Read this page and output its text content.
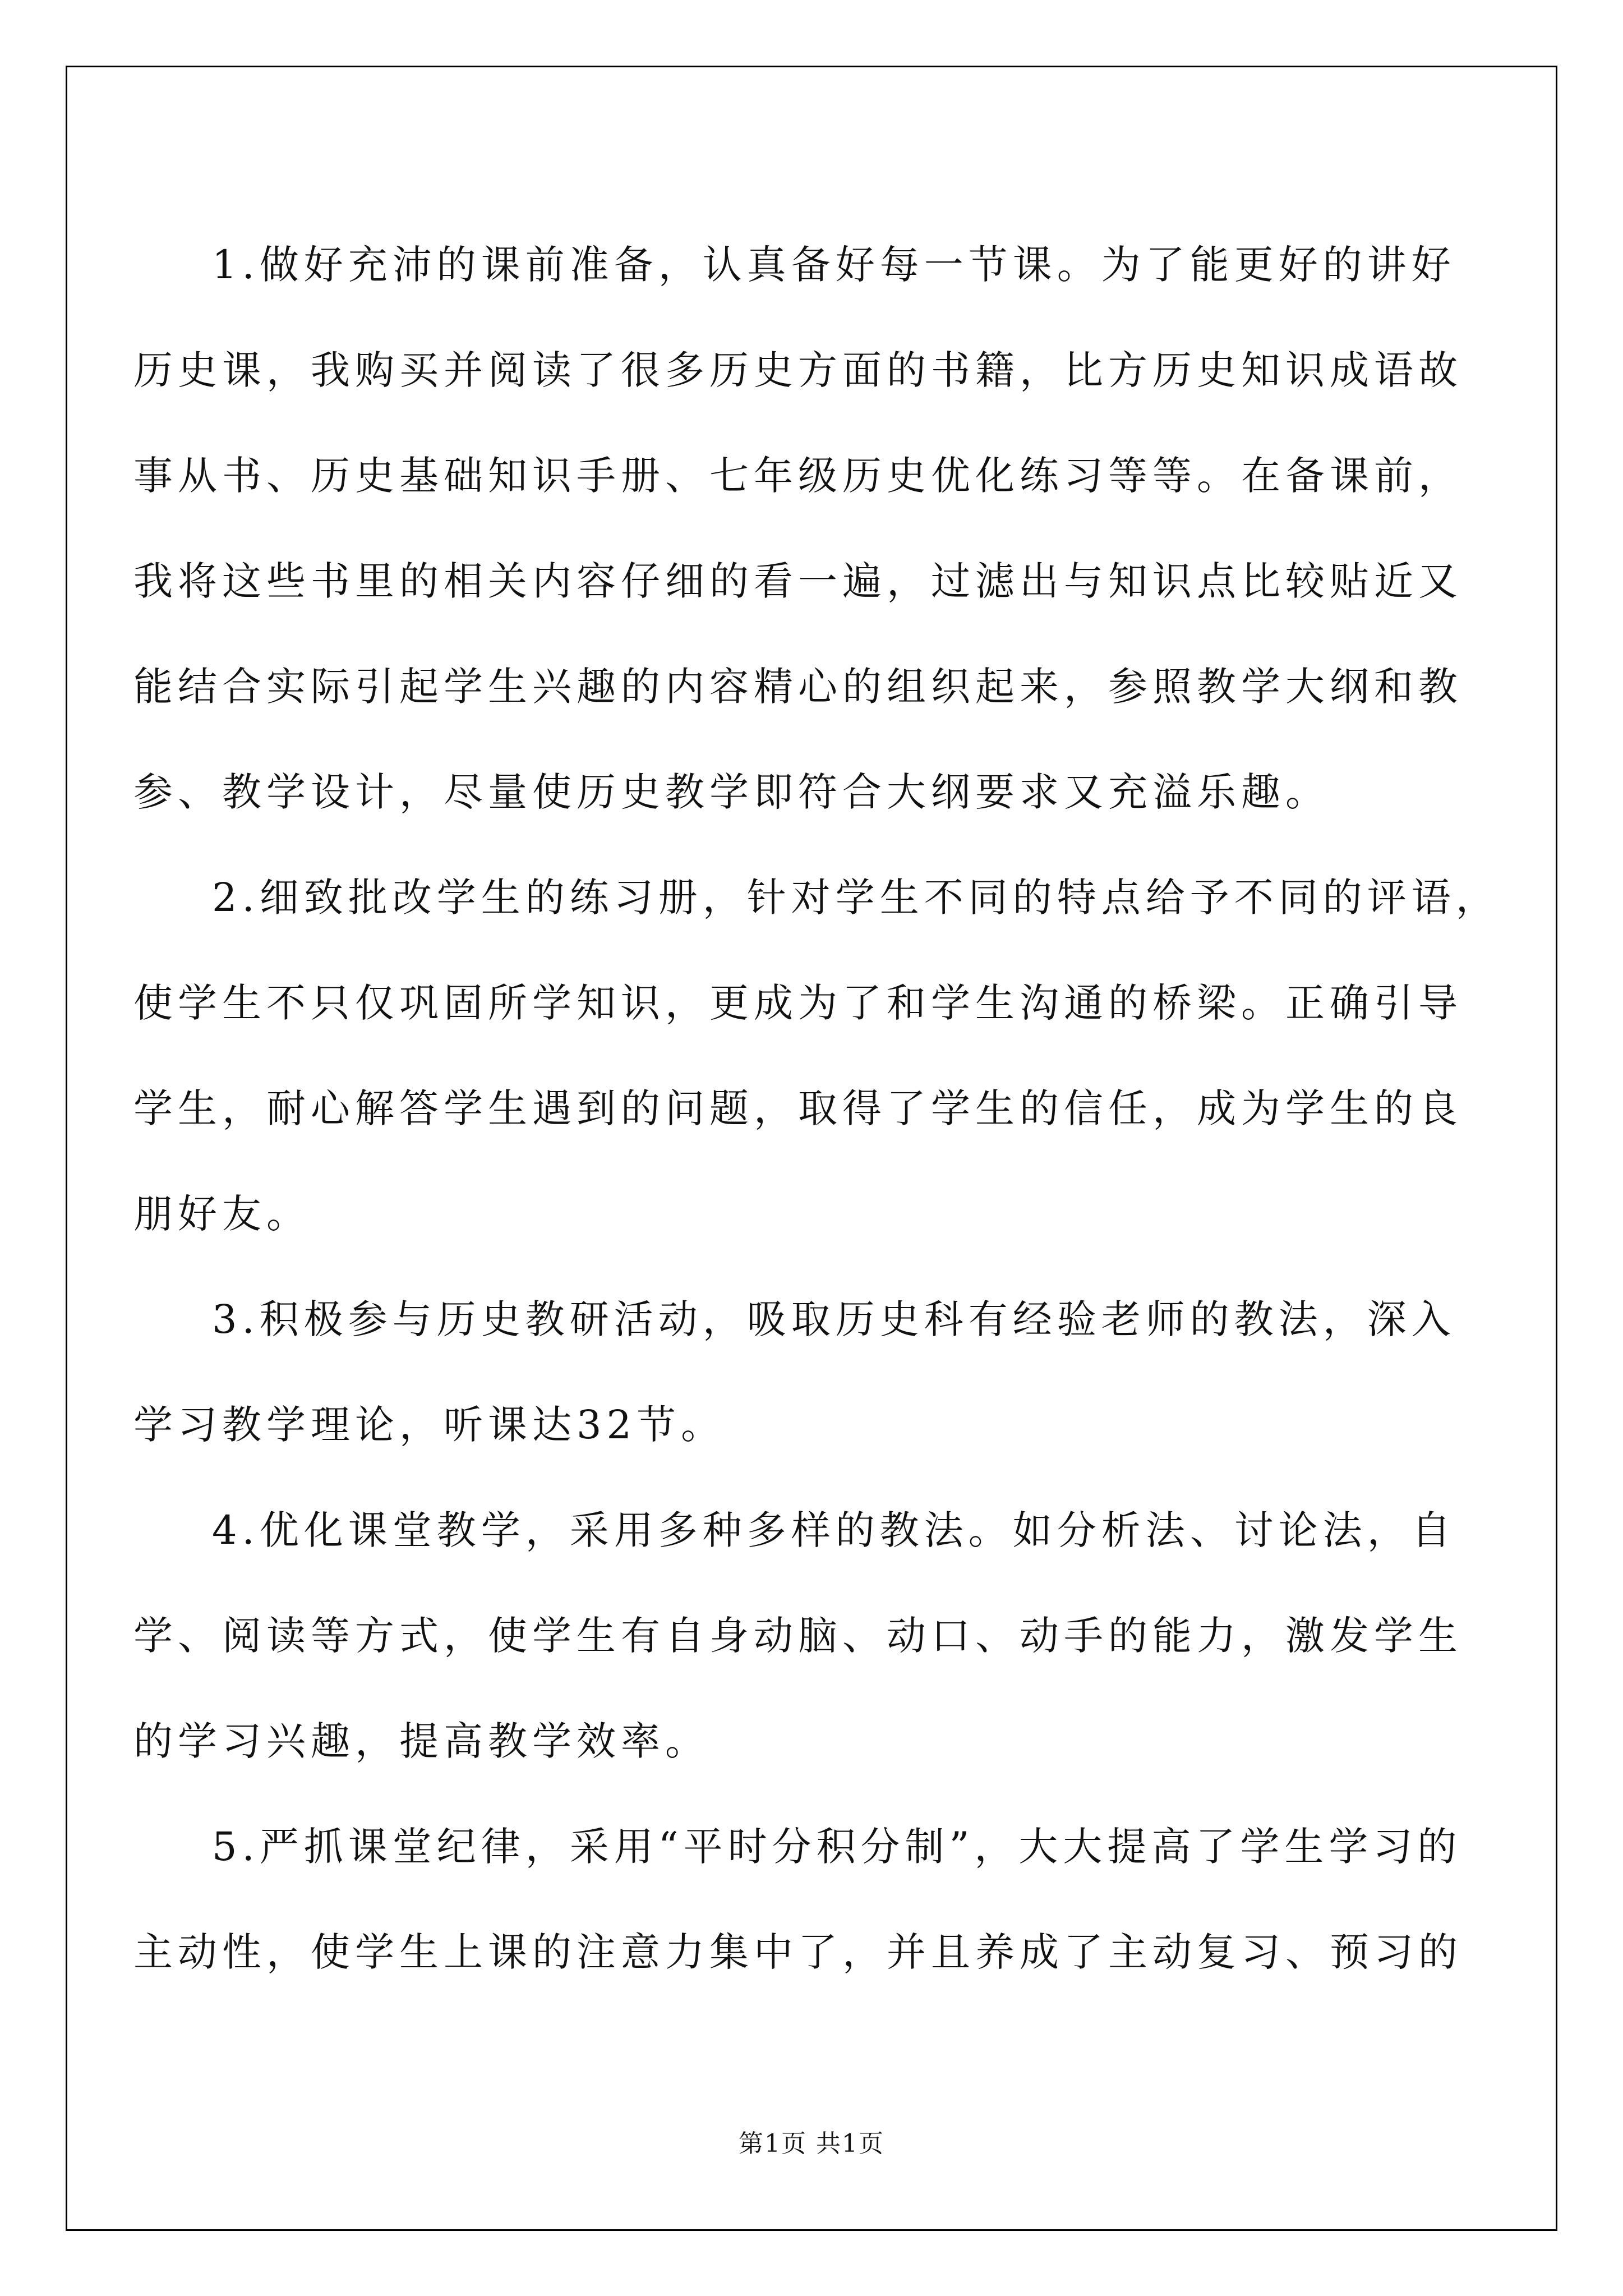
1.做好充沛的课前准备，认真备好每一节课。为了能更好的讲好
历史课，我购买并阅读了很多历史方面的书籍，比方历史知识成语故
事从书、历史基础知识手册、七年级历史优化练习等等。在备课前，
我将这些书里的相关内容仔细的看一遍，过滤出与知识点比较贴近又
能结合实际引起学生兴趣的内容精心的组织起来，参照教学大纲和教
参、教学设计，尽量使历史教学即符合大纲要求又充溢乐趣。

2.细致批改学生的练习册，针对学生不同的特点给予不同的评语，
使学生不只仅巩固所学知识，更成为了和学生沟通的桥梁。正确引导
学生，耐心解答学生遇到的问题，取得了学生的信任，成为学生的良
朋好友。

3.积极参与历史教研活动，吸取历史科有经验老师的教法，深入
学习教学理论，听课达32节。

4.优化课堂教学，采用多种多样的教法。如分析法、讨论法，自
学、阅读等方式，使学生有自身动脑、动口、动手的能力，激发学生
的学习兴趣，提高教学效率。

5.严抓课堂纪律，采用“平时分积分制”，大大提高了学生学习的
主动性，使学生上课的注意力集中了，并且养成了主动复习、预习的

第1页 共1页
